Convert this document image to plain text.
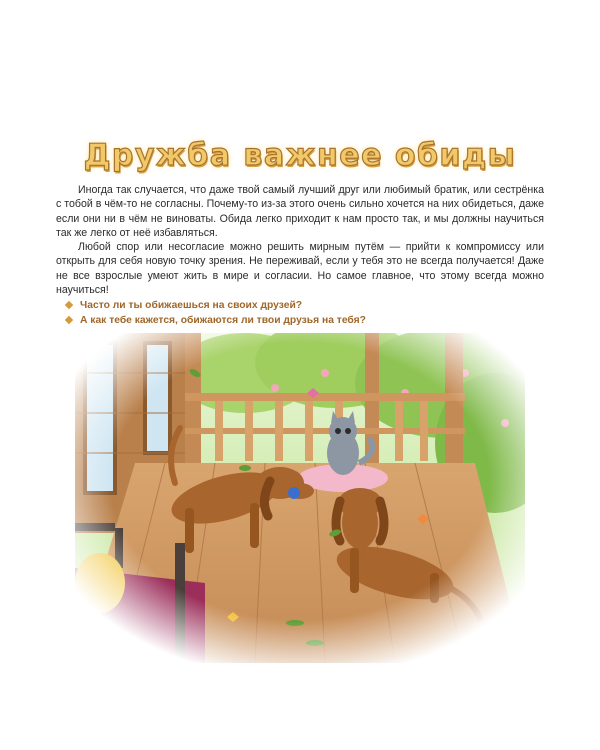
Дружба важнее обиды

Иногда так случается, что даже твой самый лучший друг или любимый братик, или сестрёнка с тобой в чём-то не согласны. Почему-то из-за этого очень сильно хочется на них обидеться, даже если они ни в чём не виноваты. Обида легко приходит к нам просто так, и мы должны научиться так же легко от неё избавляться.

Любой спор или несогласие можно решить мирным путём — прийти к компромиссу или открыть для себя новую точку зрения. Не переживай, если у тебя это не всегда получается! Даже не все взрослые умеют жить в мире и согласии. Но самое главное, что этому всегда можно научиться!

Часто ли ты обижаешься на своих друзей?
А как тебе кажется, обижаются ли твои друзья на тебя?
